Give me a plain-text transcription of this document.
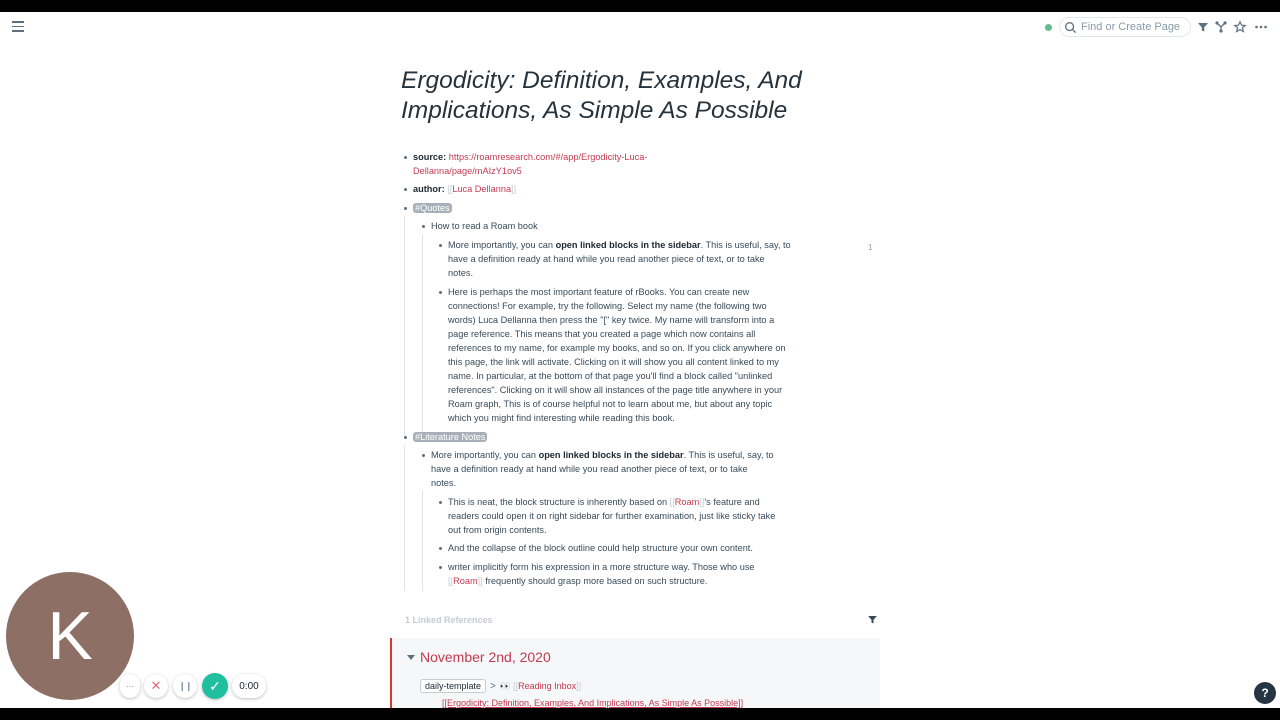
Find or Create Page
Ergodicity: Definition, Examples, And Implications, As Simple As Possible
source: https://roamresearch.com/#/app/Ergodicity-Luca-
Dellanna/page/mAIzY1ov5
author: [[Luca Dellanna]]
#Quotes
How to read a Roam book
More importantly, you can open linked blocks in the sidebar. This is useful, say, to
have a definition ready at hand while you read another piece of text, or to take
notes.
1
Here is perhaps the most important feature of rBooks. You can create new
connections! For example, try the following. Select my name (the following two
words) Luca Dellanna then press the "[" key twice. My name will transform into a
page reference. This means that you created a page which now contains all
references to my name, for example my books, and so on. If you click anywhere on
this page, the link will activate. Clicking on it will show you all content linked to my
name. In particular, at the bottom of that page you'll find a block called "unlinked
references". Clicking on it will show all instances of the page title anywhere in your
Roam graph, This is of course helpful not to learn about me, but about any topic
which you might find interesting while reading this book.
#Literature Notes
More importantly, you can open linked blocks in the sidebar. This is useful, say, to
have a definition ready at hand while you read another piece of text, or to take
notes.
This is neat, the block structure is inherently based on [[Roam]]'s feature and
readers could open it on right sidebar for further examination, just like sticky take
out from origin contents.
And the collapse of the block outline could help structure your own content.
writer implicitly form his expression in a more structure way. Those who use
[[Roam]] frequently should grasp more based on such structure.
1 Linked References
November 2nd, 2020
daily-template > 👀 [[ Reading Inbox ]]
[[Ergodicity: Definition, Examples, And Implications, As Simple As Possible]]
K
···	✕	❙❙	✓	0:00	?
